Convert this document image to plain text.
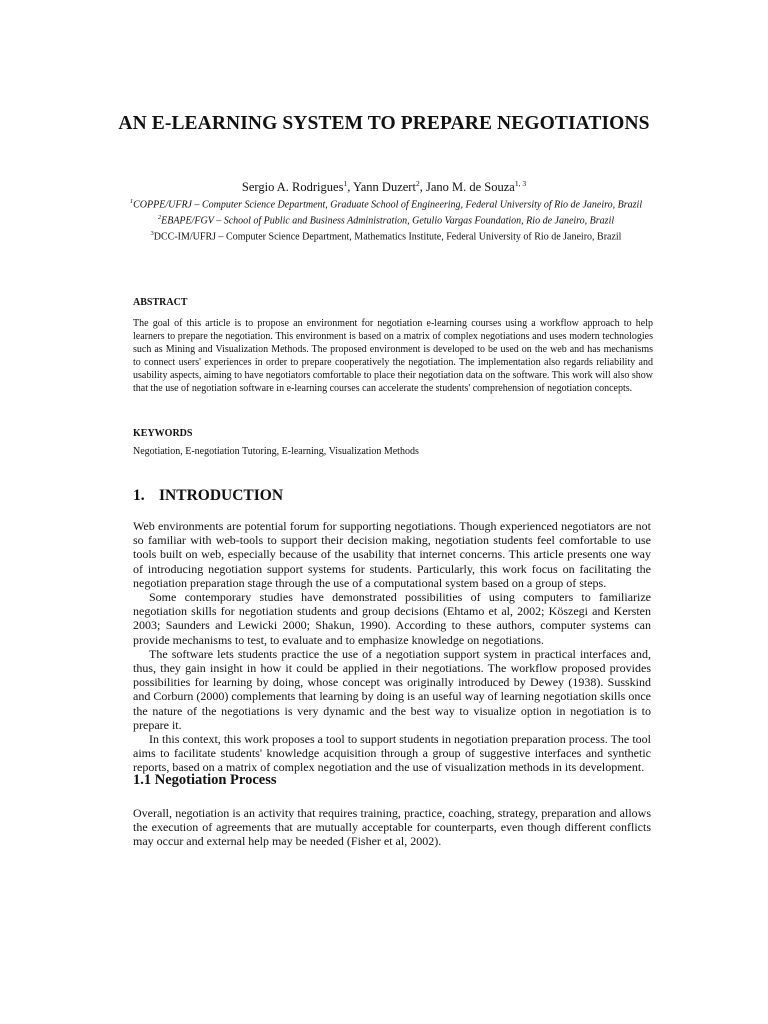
AN E-LEARNING SYSTEM TO PREPARE NEGOTIATIONS
Sergio A. Rodrigues$^1$, Yann Duzert$^2$, Jano M. de Souza$^{1, 3}$

$^1$COPPE/UFRJ – Computer Science Department, Graduate School of Engineering, Federal University of Rio de Janeiro, Brazil

$^2$EBAPE/FGV – School of Public and Business Administration, Getulio Vargas Foundation, Rio de Janeiro, Brazil

$^3$DCC-IM/UFRJ – Computer Science Department, Mathematics Institute, Federal University of Rio de Janeiro, Brazil

ABSTRACT

The goal of this article is to propose an environment for negotiation e-learning courses using a workflow approach to help learners to prepare the negotiation. This environment is based on a matrix of complex negotiations and uses modern technologies such as Mining and Visualization Methods. The proposed environment is developed to be used on the web and has mechanisms to connect users' experiences in order to prepare cooperatively the negotiation. The implementation also regards reliability and usability aspects, aiming to have negotiators comfortable to place their negotiation data on the software. This work will also show that the use of negotiation software in e-learning courses can accelerate the students' comprehension of negotiation concepts.

KEYWORDS

Negotiation, E-negotiation Tutoring, E-learning, Visualization Methods

1. INTRODUCTION

Web environments are potential forum for supporting negotiations. Though experienced negotiators are not so familiar with web-tools to support their decision making, negotiation students feel comfortable to use tools built on web, especially because of the usability that internet concerns. This article presents one way of introducing negotiation support systems for students. Particularly, this work focus on facilitating the negotiation preparation stage through the use of a computational system based on a group of steps.

Some contemporary studies have demonstrated possibilities of using computers to familiarize negotiation skills for negotiation students and group decisions (Ehtamo et al, 2002; Köszegi and Kersten 2003; Saunders and Lewicki 2000; Shakun, 1990). According to these authors, computer systems can provide mechanisms to test, to evaluate and to emphasize knowledge on negotiations.

The software lets students practice the use of a negotiation support system in practical interfaces and, thus, they gain insight in how it could be applied in their negotiations. The workflow proposed provides possibilities for learning by doing, whose concept was originally introduced by Dewey (1938). Susskind and Corburn (2000) complements that learning by doing is an useful way of learning negotiation skills once the nature of the negotiations is very dynamic and the best way to visualize option in negotiation is to prepare it.

In this context, this work proposes a tool to support students in negotiation preparation process. The tool aims to facilitate students' knowledge acquisition through a group of suggestive interfaces and synthetic reports, based on a matrix of complex negotiation and the use of visualization methods in its development.

1.1 Negotiation Process

Overall, negotiation is an activity that requires training, practice, coaching, strategy, preparation and allows the execution of agreements that are mutually acceptable for counterparts, even though different conflicts may occur and external help may be needed (Fisher et al, 2002).
